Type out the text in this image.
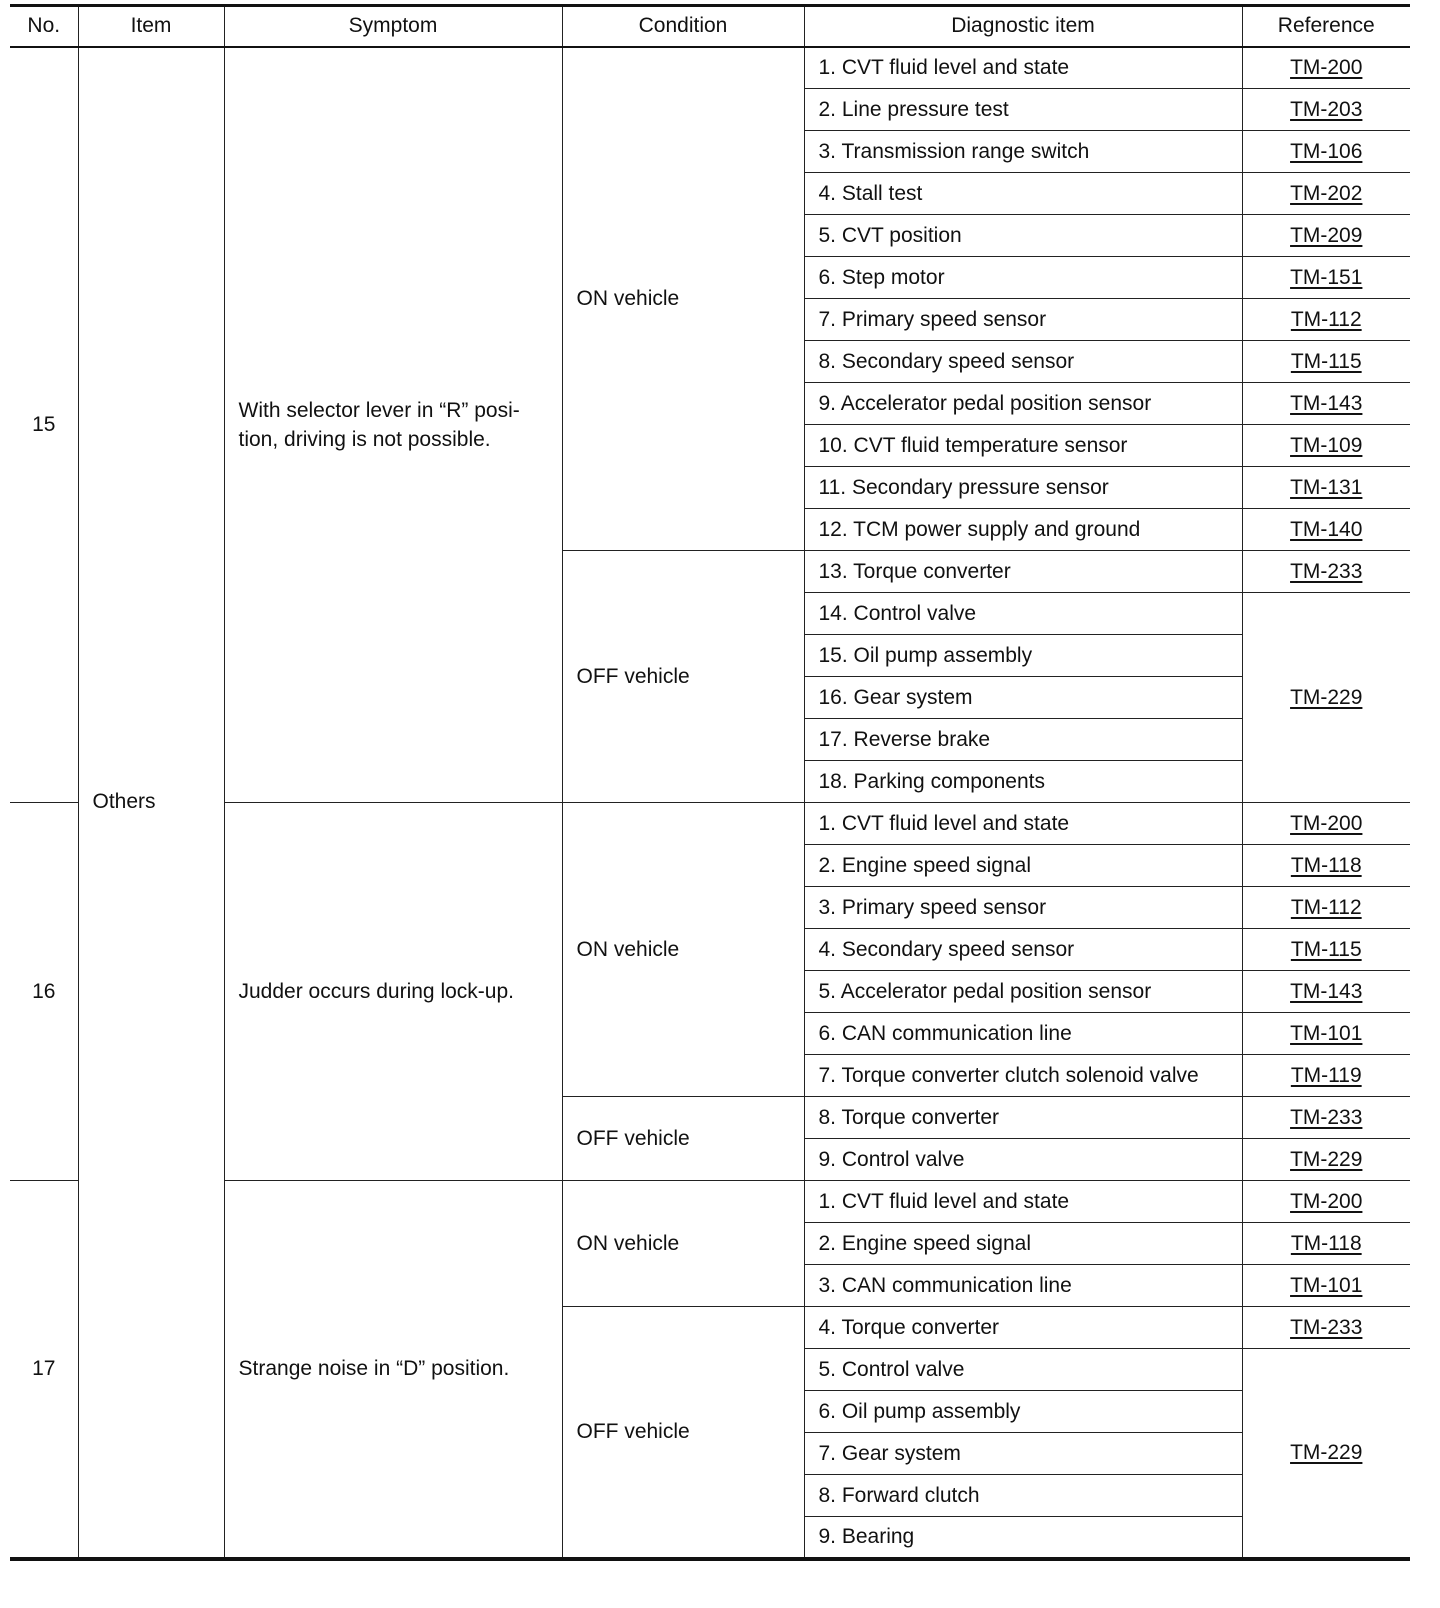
No.	Item	Symptom	Condition	Diagnostic item	Reference
15	Others	With selector lever in “R” posi-tion, driving is not possible.	ON vehicle	1. CVT fluid level and state	TM-200
				2. Line pressure test	TM-203
				3. Transmission range switch	TM-106
				4. Stall test	TM-202
				5. CVT position	TM-209
				6. Step motor	TM-151
				7. Primary speed sensor	TM-112
				8. Secondary speed sensor	TM-115
				9. Accelerator pedal position sensor	TM-143
				10. CVT fluid temperature sensor	TM-109
				11. Secondary pressure sensor	TM-131
				12. TCM power supply and ground	TM-140
			OFF vehicle	13. Torque converter	TM-233
				14. Control valve	TM-229
				15. Oil pump assembly	
				16. Gear system	
				17. Reverse brake	
				18. Parking components	
16		Judder occurs during lock-up.	ON vehicle	1. CVT fluid level and state	TM-200
				2. Engine speed signal	TM-118
				3. Primary speed sensor	TM-112
				4. Secondary speed sensor	TM-115
				5. Accelerator pedal position sensor	TM-143
				6. CAN communication line	TM-101
				7. Torque converter clutch solenoid valve	TM-119
			OFF vehicle	8. Torque converter	TM-233
				9. Control valve	TM-229
17		Strange noise in “D” position.	ON vehicle	1. CVT fluid level and state	TM-200
				2. Engine speed signal	TM-118
				3. CAN communication line	TM-101
			OFF vehicle	4. Torque converter	TM-233
				5. Control valve	TM-229
				6. Oil pump assembly	
				7. Gear system	
				8. Forward clutch	
				9. Bearing	
